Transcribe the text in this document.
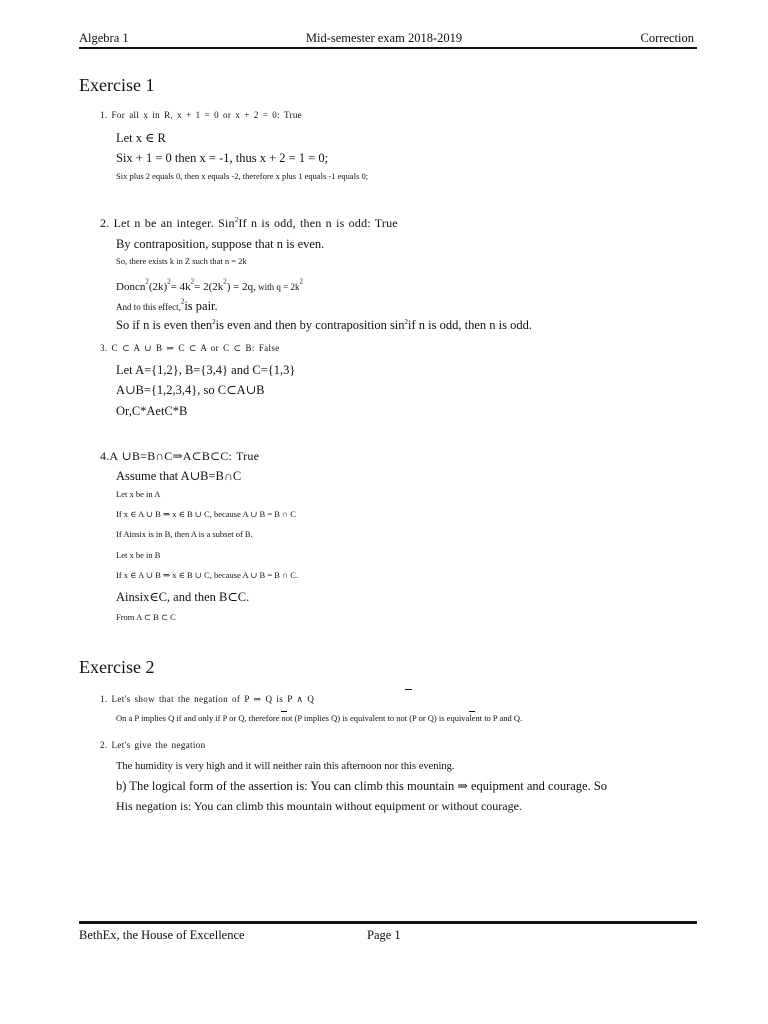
Algebra 1	Mid-semester exam 2018-2019	Correction
Exercise 1
1. For all x in R, x + 1 = 0 or x + 2 = 0: True
Let x ∈ R
Six + 1 = 0 then x = -1, thus x + 2 = 1 = 0;
Six plus 2 equals 0, then x equals -2, therefore x plus 1 equals -1 equals 0;
2. Let n be an integer. Sin$^2$If n is odd, then n is odd: True
By contraposition, suppose that n is even.
So, there exists k in Z such that n = 2k
$Doncn^2(2k)^2= 4k^2= 2(2k^2) = 2q$, with $q = 2k^2$
And to this effect,$^2$is pair.
So if n is even then$^2$is even and then by contraposition $\sin^2if$ n is odd, then n is odd.
3. C ⊂ A ∪ B ⇒ C ⊂ A or C ⊂ B: False
Let A={1,2}, B={3,4} and C={1,3}
A∪B={1,2,3,4}, so C⊂A∪B
Or,C*AetC*B
4.A ∪B=B∩C⇒A⊂B⊂C: True
Assume that A∪B=B∩C
Let x be in A
If x ∈ A ∪ B ⇒ x ∈ B ∪ C, because A ∪ B = B ∩ C
If Ainsix is in B, then A is a subset of B.
Let x be in B
If x ∈ A ∪ B ⇒ x ∈ B ∪ C, because A ∪ B = B ∩ C.
Ainsix∈C, and then B⊂C.
From A ⊂ B ⊂ C
Exercise 2
1. Let's show that the negation of P ⇒ Q is P ∧ Q
On a P implies Q if and only if P or Q, therefore not (P implies Q) is equivalent to not (P or Q) is equivalent to P and Q.
2. Let's give the negation
The humidity is very high and it will neither rain this afternoon nor this evening.
b) The logical form of the assertion is: You can climb this mountain ⇒ equipment and courage. So
His negation is: You can climb this mountain without equipment or without courage.
BethEx, the House of Excellence	Page 1
